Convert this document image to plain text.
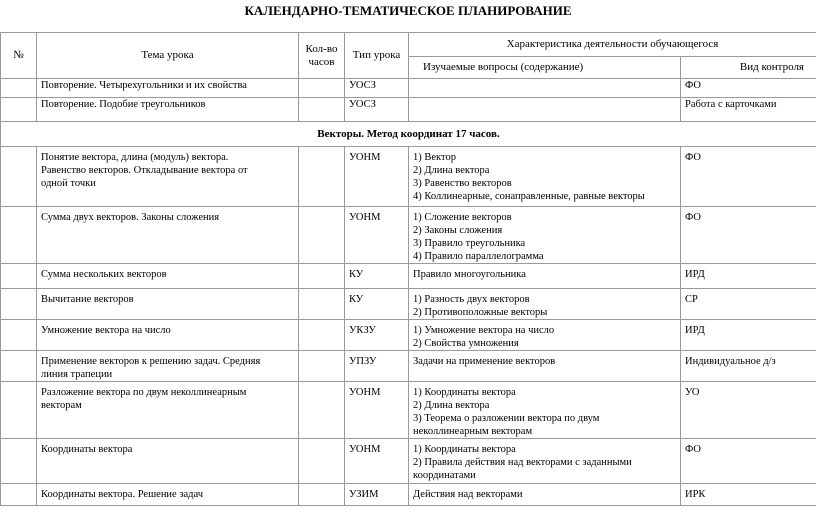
КАЛЕНДАРНО-ТЕМАТИЧЕСКОЕ ПЛАНИРОВАНИЕ
№	Тема урока	Кол-во часов	Тип урока	Характеристика деятельности обучающегося	
				Изучаемые вопросы (содержание)	Вид контроля
	Повторение. Четырехугольники и их свойства		УОСЗ		ФО
	Повторение. Подобие треугольников		УОСЗ		Работа с карточками
Векторы. Метод координат 17 часов.					

	Понятие вектора, длина (модуль) вектора.
Равенство векторов. Откладывание вектора от
одной точки		УОНМ	1) Вектор
2) Длина вектора
3) Равенство векторов
4) Коллинеарные, сонаправленные, равные векторы	ФО

	Сумма двух векторов. Законы сложения		УОНМ	1) Сложение векторов
2) Законы сложения
3) Правило треугольника
4) Правило параллелограмма	ФО

	Сумма нескольких векторов		КУ	Правило многоугольника	ИРД

	Вычитание векторов		КУ	1) Разность двух векторов
2) Противоположные векторы	СР

	Умножение вектора на число		УКЗУ	1) Умножение вектора на число
2) Свойства умножения	ИРД

	Применение векторов к решению задач. Средняя
линия трапеции		УПЗУ	Задачи на применение векторов	Индивидуальное д/з

	Разложение вектора по двум неколлинеарным
векторам		УОНМ	1) Координаты вектора
2) Длина вектора
3) Теорема о разложении вектора по двум
неколлинеарным векторам	УО

	Координаты вектора		УОНМ	1) Координаты вектора
2) Правила действия над векторами с заданными
координатами	ФО

	Координаты вектора. Решение задач		УЗИМ	Действия над векторами	ИРК
